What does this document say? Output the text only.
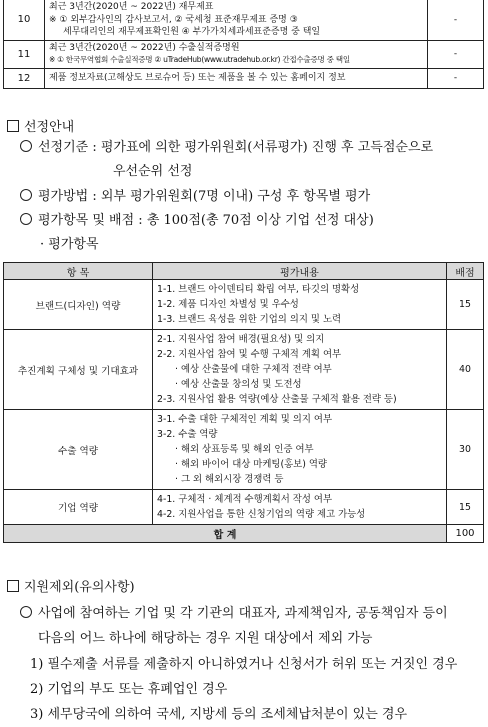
10	최근 3년간(2020년 ~ 2022년) 재무제표
※ ① 외부감사인의 감사보고서, ② 국세청 표준재무제표 증명 ③
세무대리인의 재무제표확인원 ④ 부가가치세과세표준증명 중 택일	-
11	최근 3년간(2020년 ~ 2022년) 수출실적증명원
※ ① 한국무역협회 수출실적증명 ② uTradeHub(www.utradehub.or.kr) 간접수출증명 중 택일	-
12	제품 정보자료(고해상도 브로슈어 등) 또는 제품을 볼 수 있는 홈페이지 정보	-
선정안내
선정기준 : 평가표에 의한 평가위원회(서류평가) 진행 후 고득점순으로
우선순위 선정
평가방법 : 외부 평가위원회(7명 이내) 구성 후 항목별 평가
평가항목 및 배점 : 총 100점(총 70점 이상 기업 선정 대상)
· 평가항목
항 목	평가내용	배점
브랜드(디자인) 역량	1-1. 브랜드 아이덴티티 확립 여부, 타깃의 명확성
1-2. 제품 디자인 차별성 및 우수성
1-3. 브랜드 육성을 위한 기업의 의지 및 노력	15
추진계획 구체성 및 기대효과	2-1. 지원사업 참여 배경(필요성) 및 의지
2-2. 지원사업 참여 및 수행 구체적 계획 여부
· 예상 산출물에 대한 구체적 전략 여부
· 예상 산출물 창의성 및 도전성
2-3. 지원사업 활용 역량(예상 산출물 구체적 활용 전략 등)	40
수출 역량	3-1. 수출 대한 구체적인 계획 및 의지 여부
3-2. 수출 역량
· 해외 상표등록 및 해외 인증 여부
· 해외 바이어 대상 마케팅(홍보) 역량
· 그 외 해외시장 경쟁력 등	30
기업 역량	4-1. 구체적 · 체계적 수행계획서 작성 여부
4-2. 지원사업을 통한 신청기업의 역량 제고 가능성	15
합 계		100
지원제외(유의사항)
사업에 참여하는 기업 및 각 기관의 대표자, 과제책임자, 공동책임자 등이
다음의 어느 하나에 해당하는 경우 지원 대상에서 제외 가능
1) 필수제출 서류를 제출하지 아니하였거나 신청서가 허위 또는 거짓인 경우
2) 기업의 부도 또는 휴폐업인 경우
3) 세무당국에 의하여 국세, 지방세 등의 조세체납처분이 있는 경우
